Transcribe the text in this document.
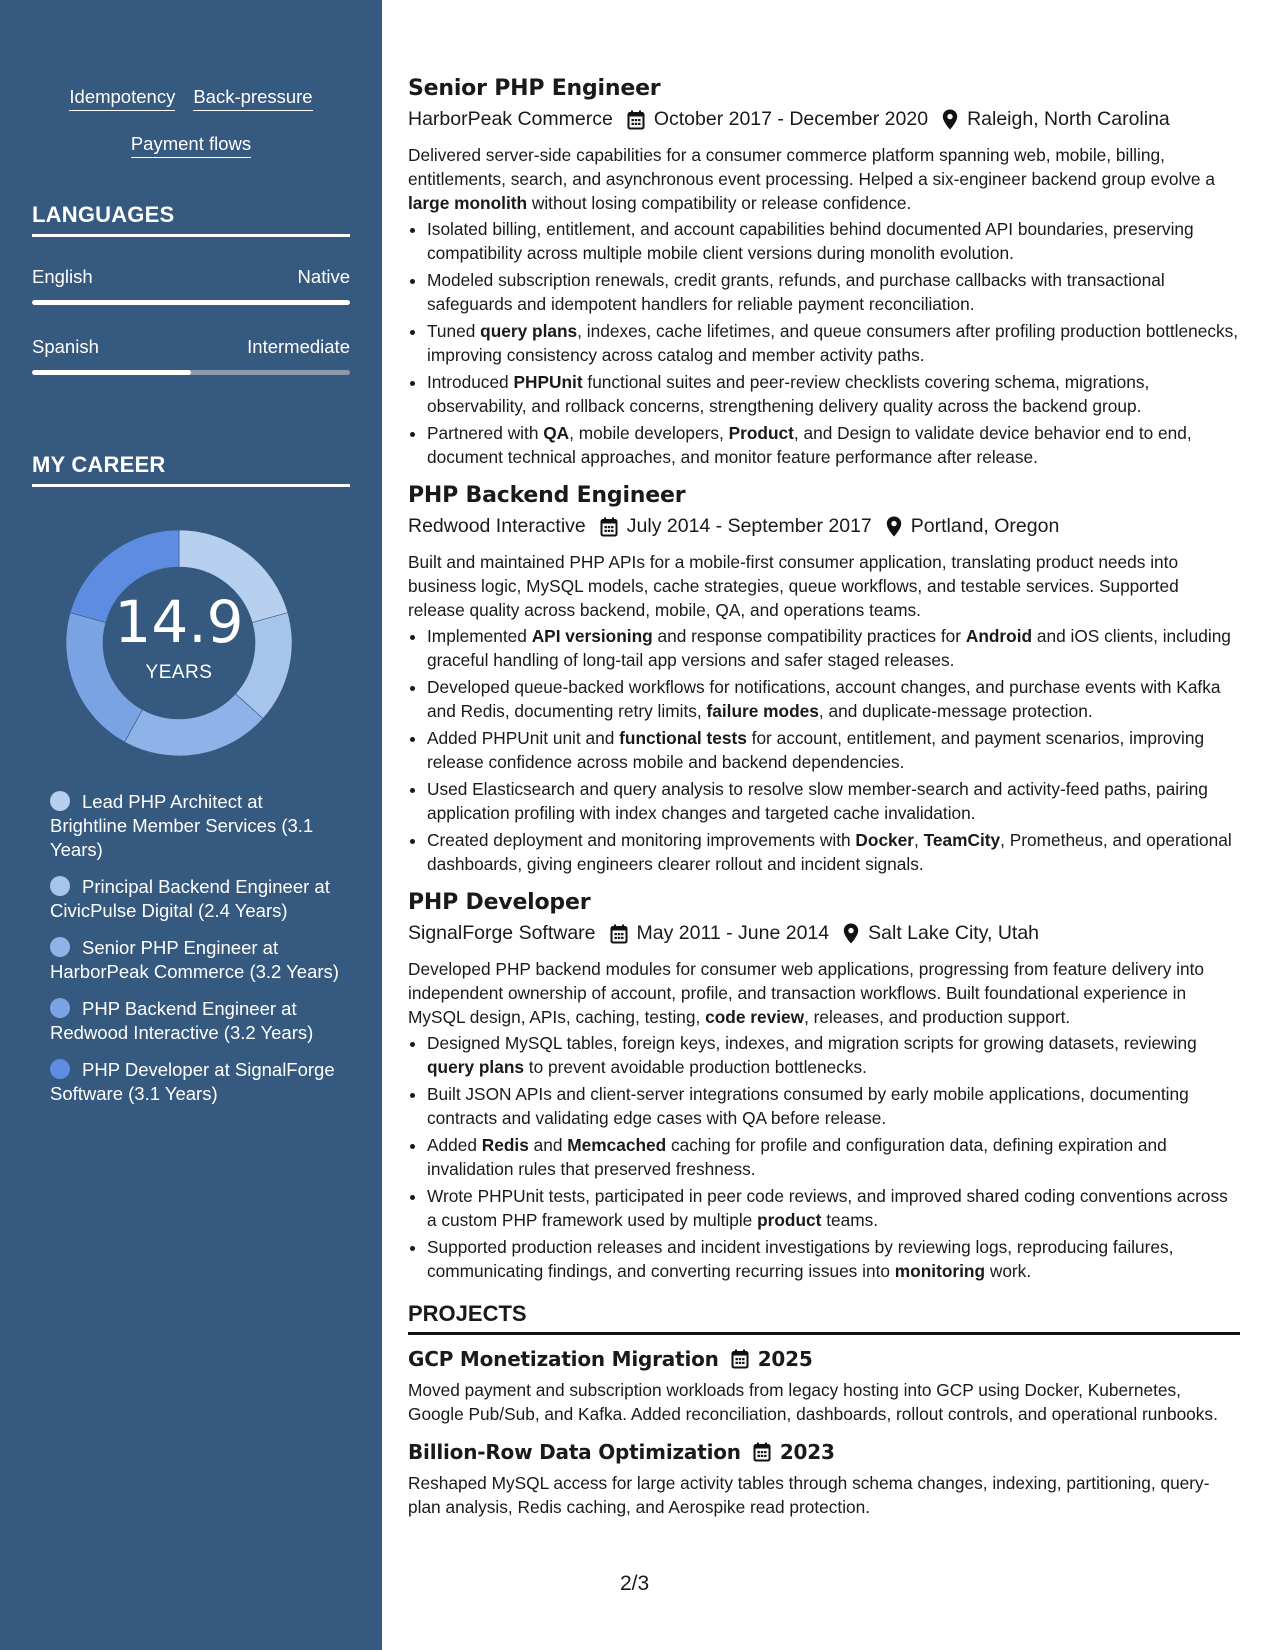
Idempotency Back-pressure
Payment flows
LANGUAGES
English	Native
Spanish	Intermediate
MY CAREER
14.9
YEARS
Lead PHP Architect at Brightline Member Services (3.1 Years)
Principal Backend Engineer at CivicPulse Digital (2.4 Years)
Senior PHP Engineer at HarborPeak Commerce (3.2 Years)
PHP Backend Engineer at Redwood Interactive (3.2 Years)
PHP Developer at SignalForge Software (3.1 Years)
Senior PHP Engineer
HarborPeak Commerce October 2017 - December 2020 Raleigh, North Carolina

Delivered server-side capabilities for a consumer commerce platform spanning web, mobile, billing, entitlements, search, and asynchronous event processing. Helped a six-engineer backend group evolve a large monolith without losing compatibility or release confidence.

• Isolated billing, entitlement, and account capabilities behind documented API boundaries, preserving compatibility across multiple mobile client versions during monolith evolution.
• Modeled subscription renewals, credit grants, refunds, and purchase callbacks with transactional safeguards and idempotent handlers for reliable payment reconciliation.
• Tuned query plans, indexes, cache lifetimes, and queue consumers after profiling production bottlenecks, improving consistency across catalog and member activity paths.
• Introduced PHPUnit functional suites and peer-review checklists covering schema, migrations, observability, and rollback concerns, strengthening delivery quality across the backend group.
• Partnered with QA, mobile developers, Product, and Design to validate device behavior end to end, document technical approaches, and monitor feature performance after release.
PHP Backend Engineer
Redwood Interactive July 2014 - September 2017 Portland, Oregon

Built and maintained PHP APIs for a mobile-first consumer application, translating product needs into business logic, MySQL models, cache strategies, queue workflows, and testable services. Supported release quality across backend, mobile, QA, and operations teams.

• Implemented API versioning and response compatibility practices for Android and iOS clients, including graceful handling of long-tail app versions and safer staged releases.
• Developed queue-backed workflows for notifications, account changes, and purchase events with Kafka and Redis, documenting retry limits, failure modes, and duplicate-message protection.
• Added PHPUnit unit and functional tests for account, entitlement, and payment scenarios, improving release confidence across mobile and backend dependencies.
• Used Elasticsearch and query analysis to resolve slow member-search and activity-feed paths, pairing application profiling with index changes and targeted cache invalidation.
• Created deployment and monitoring improvements with Docker, TeamCity, Prometheus, and operational dashboards, giving engineers clearer rollout and incident signals.
PHP Developer
SignalForge Software May 2011 - June 2014 Salt Lake City, Utah

Developed PHP backend modules for consumer web applications, progressing from feature delivery into independent ownership of account, profile, and transaction workflows. Built foundational experience in MySQL design, APIs, caching, testing, code review, releases, and production support.

• Designed MySQL tables, foreign keys, indexes, and migration scripts for growing datasets, reviewing query plans to prevent avoidable production bottlenecks.
• Built JSON APIs and client-server integrations consumed by early mobile applications, documenting contracts and validating edge cases with QA before release.
• Added Redis and Memcached caching for profile and configuration data, defining expiration and invalidation rules that preserved freshness.
• Wrote PHPUnit tests, participated in peer code reviews, and improved shared coding conventions across a custom PHP framework used by multiple product teams.
• Supported production releases and incident investigations by reviewing logs, reproducing failures, communicating findings, and converting recurring issues into monitoring work.
PROJECTS
GCP Monetization Migration 2025

Moved payment and subscription workloads from legacy hosting into GCP using Docker, Kubernetes, Google Pub/Sub, and Kafka. Added reconciliation, dashboards, rollout controls, and operational runbooks.

Billion-Row Data Optimization 2023

Reshaped MySQL access for large activity tables through schema changes, indexing, partitioning, query-plan analysis, Redis caching, and Aerospike read protection.

2/3
